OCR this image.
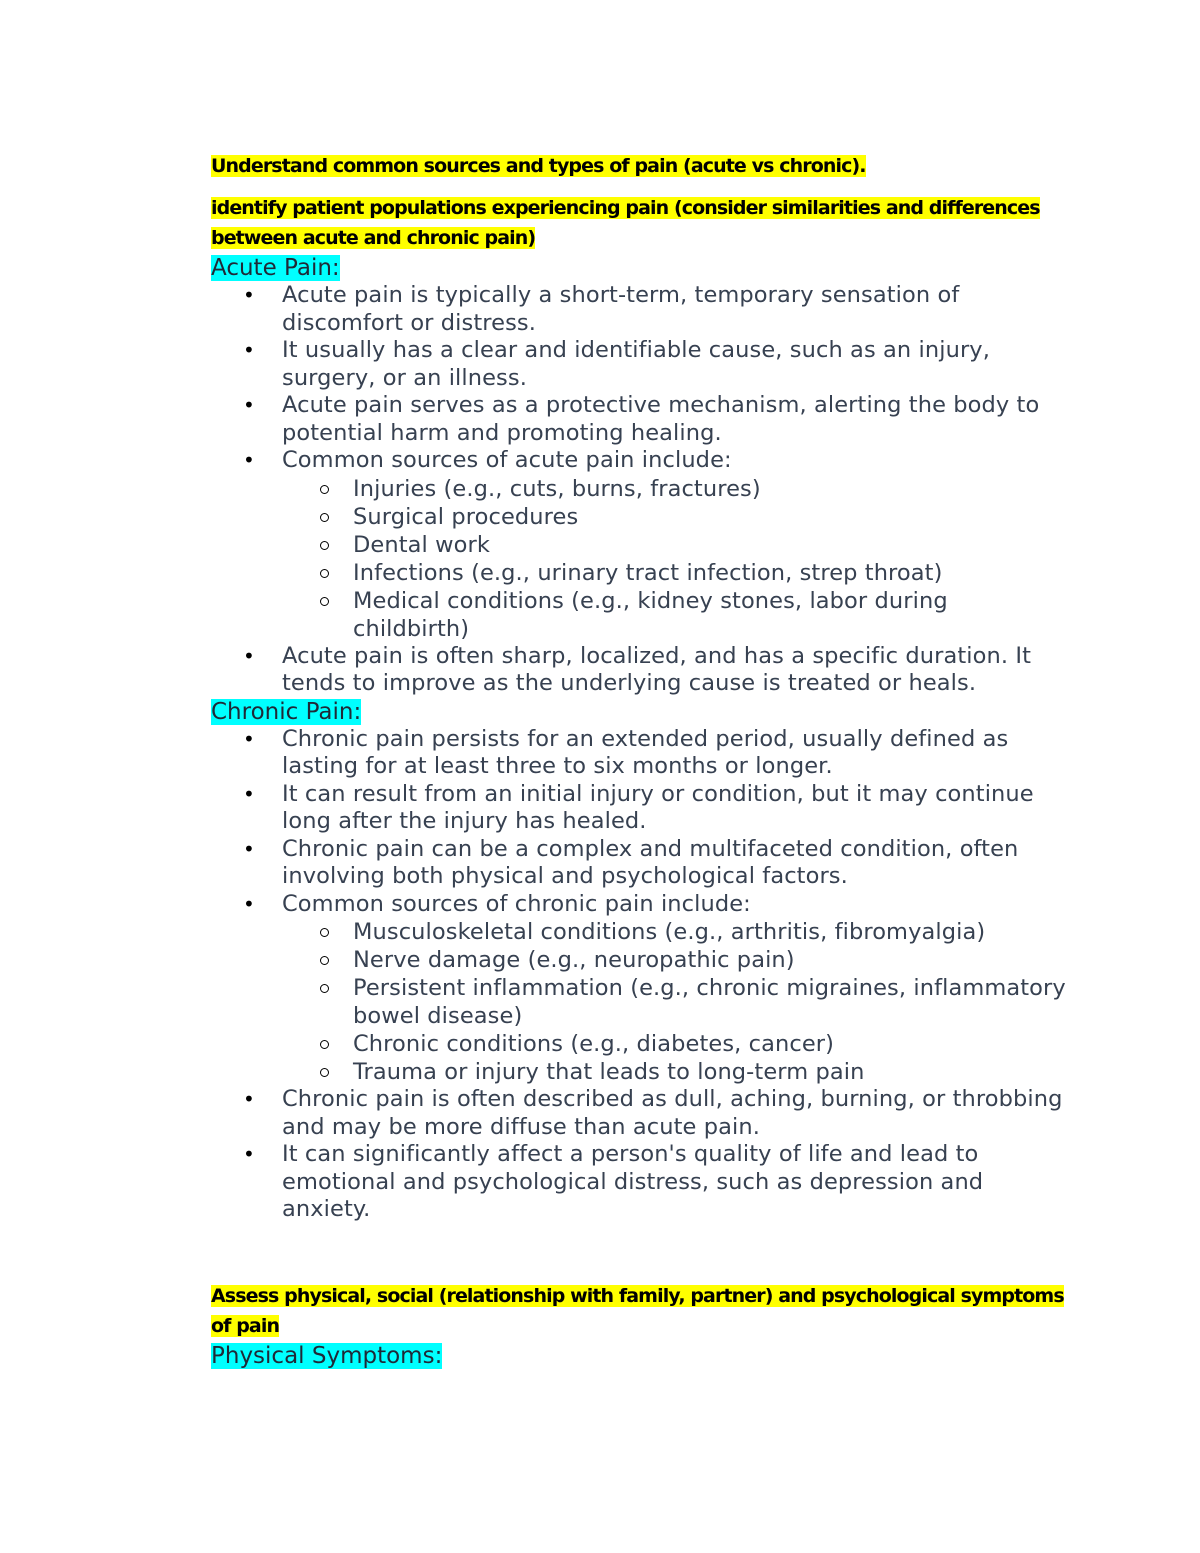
Understand common sources and types of pain (acute vs chronic).

identify patient populations experiencing pain (consider similarities and differences between acute and chronic pain)

Acute Pain:

• Acute pain is typically a short-term, temporary sensation of discomfort or distress.
• It usually has a clear and identifiable cause, such as an injury, surgery, or an illness.
• Acute pain serves as a protective mechanism, alerting the body to potential harm and promoting healing.
• Common sources of acute pain include:
Injuries (e.g., cuts, burns, fractures)
Surgical procedures
Dental work
Infections (e.g., urinary tract infection, strep throat)
Medical conditions (e.g., kidney stones, labor during childbirth)
• Acute pain is often sharp, localized, and has a specific duration. It tends to improve as the underlying cause is treated or heals.

Chronic Pain:

• Chronic pain persists for an extended period, usually defined as lasting for at least three to six months or longer.
• It can result from an initial injury or condition, but it may continue long after the injury has healed.
• Chronic pain can be a complex and multifaceted condition, often involving both physical and psychological factors.
• Common sources of chronic pain include:
Musculoskeletal conditions (e.g., arthritis, fibromyalgia)
Nerve damage (e.g., neuropathic pain)
Persistent inflammation (e.g., chronic migraines, inflammatory bowel disease)
Chronic conditions (e.g., diabetes, cancer)
Trauma or injury that leads to long-term pain
• Chronic pain is often described as dull, aching, burning, or throbbing and may be more diffuse than acute pain.
• It can significantly affect a person's quality of life and lead to emotional and psychological distress, such as depression and anxiety.

Assess physical, social (relationship with family, partner) and psychological symptoms of pain

Physical Symptoms:
